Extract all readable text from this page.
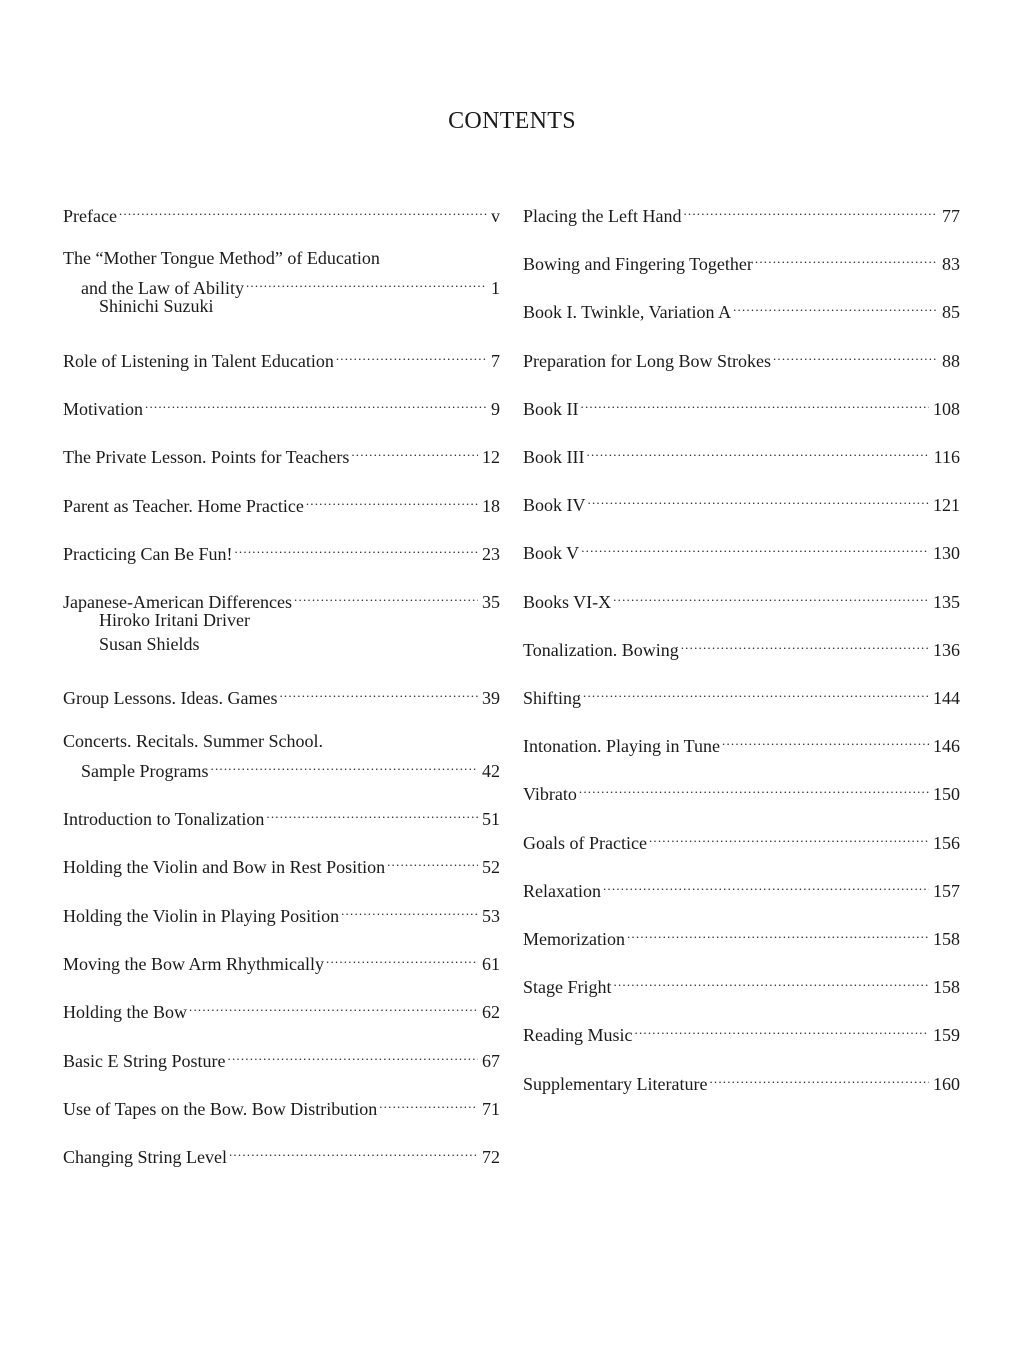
CONTENTS
Preface .....	v
The “Mother Tongue Method” of Education
and the Law of Ability .....	1
Shinichi Suzuki
Role of Listening in Talent Education .....	7
Motivation .....	9
The Private Lesson. Points for Teachers .....	12
Parent as Teacher. Home Practice .....	18
Practicing Can Be Fun! .....	23
Japanese-American Differences .....	35
Hiroko Iritani Driver
Susan Shields
Group Lessons. Ideas. Games .....	39
Concerts. Recitals. Summer School.
Sample Programs .....	42
Introduction to Tonalization .....	51
Holding the Violin and Bow in Rest Position .....	52
Holding the Violin in Playing Position .....	53
Moving the Bow Arm Rhythmically .....	61
Holding the Bow .....	62
Basic E String Posture .....	67
Use of Tapes on the Bow. Bow Distribution .....	71
Changing String Level .....	72
Placing the Left Hand .....	77
Bowing and Fingering Together .....	83
Book I. Twinkle, Variation A .....	85
Preparation for Long Bow Strokes .....	88
Book II .....	108
Book III .....	116
Book IV .....	121
Book V .....	130
Books VI-X .....	135
Tonalization. Bowing .....	136
Shifting .....	144
Intonation. Playing in Tune .....	146
Vibrato .....	150
Goals of Practice .....	156
Relaxation .....	157
Memorization .....	158
Stage Fright .....	158
Reading Music .....	159
Supplementary Literature .....	160
